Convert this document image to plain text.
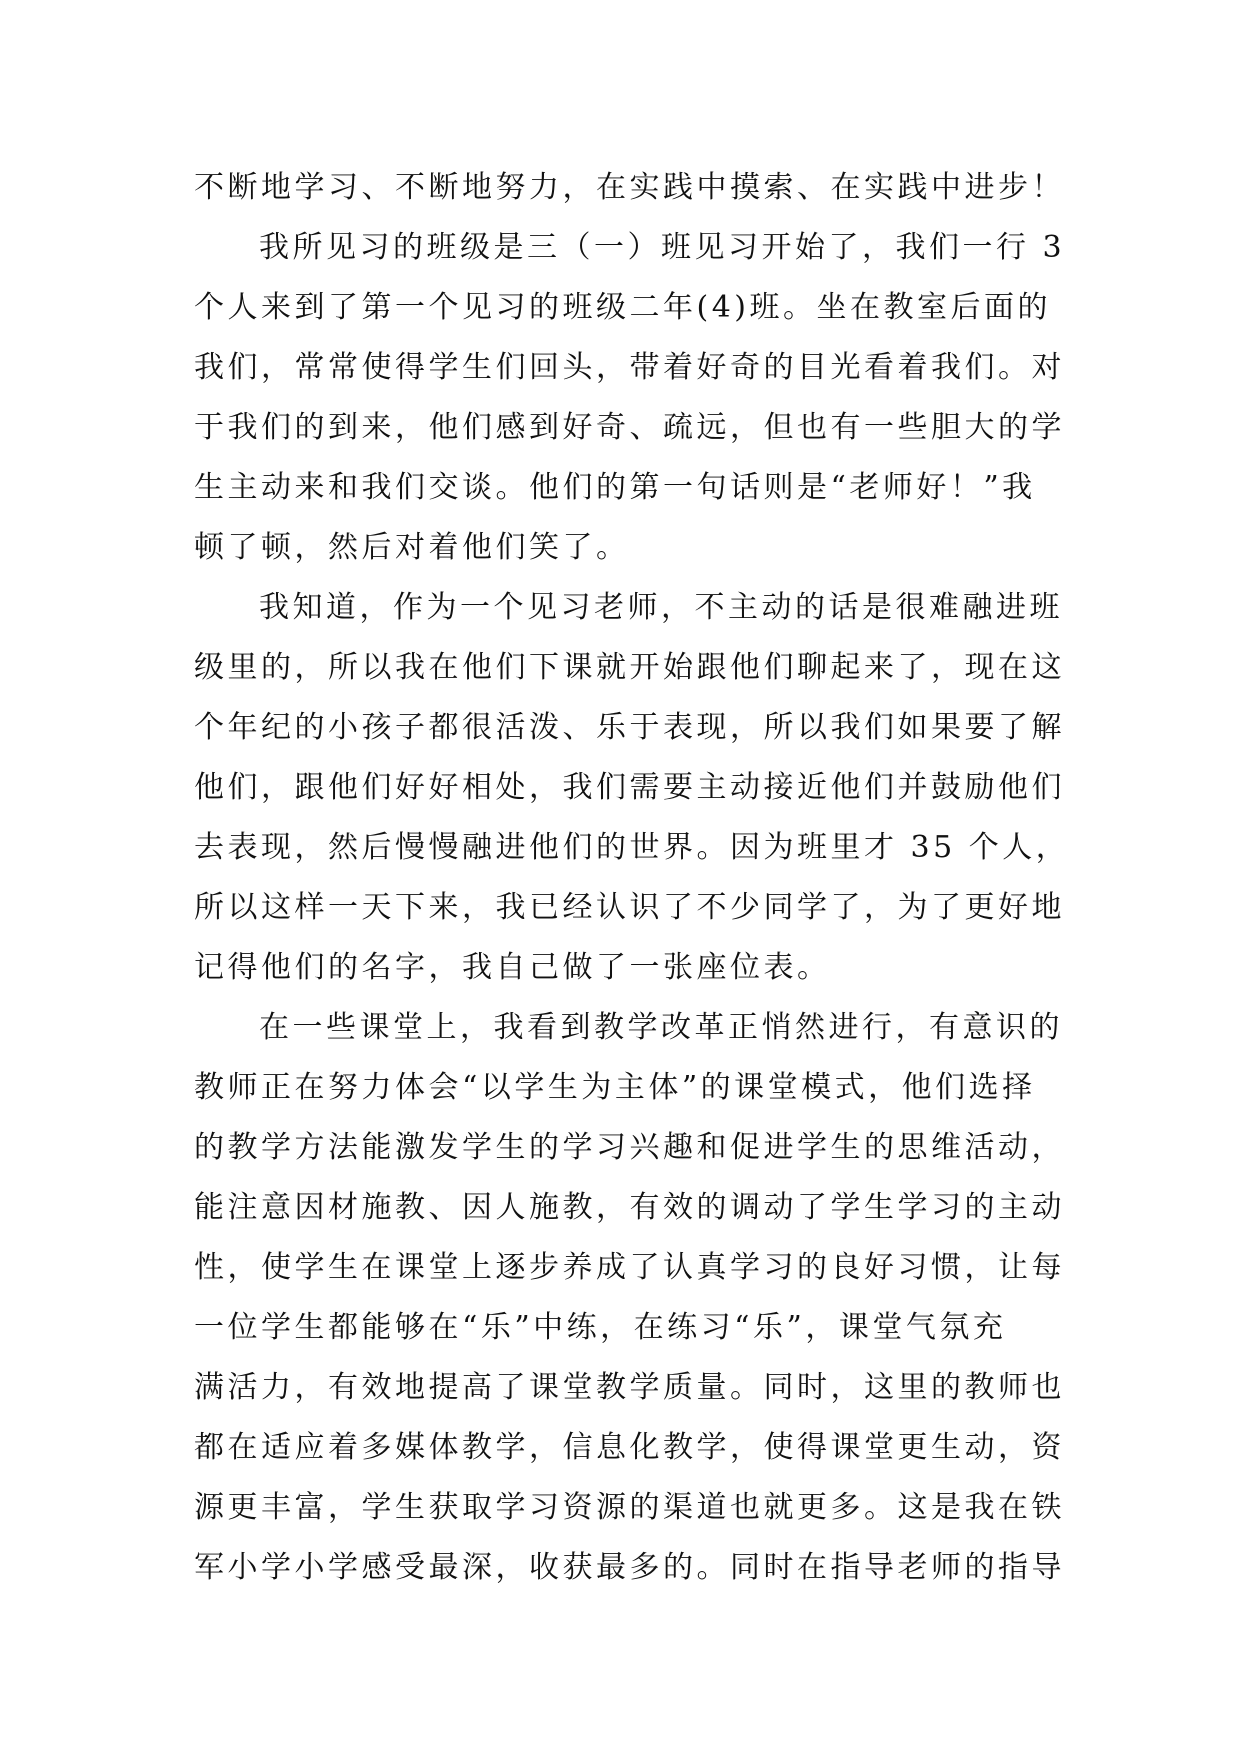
不断地学习、不断地努力，在实践中摸索、在实践中进步！

我所见习的班级是三（一）班见习开始了，我们一行 3

个人来到了第一个见习的班级二年(4)班。坐在教室后面的

我们，常常使得学生们回头，带着好奇的目光看着我们。对

于我们的到来，他们感到好奇、疏远，但也有一些胆大的学

生主动来和我们交谈。他们的第一句话则是“老师好！”我

顿了顿，然后对着他们笑了。

我知道，作为一个见习老师，不主动的话是很难融进班

级里的，所以我在他们下课就开始跟他们聊起来了，现在这

个年纪的小孩子都很活泼、乐于表现，所以我们如果要了解

他们，跟他们好好相处，我们需要主动接近他们并鼓励他们

去表现，然后慢慢融进他们的世界。因为班里才 35 个人，

所以这样一天下来，我已经认识了不少同学了，为了更好地

记得他们的名字，我自己做了一张座位表。

在一些课堂上，我看到教学改革正悄然进行，有意识的

教师正在努力体会“以学生为主体”的课堂模式，他们选择

的教学方法能激发学生的学习兴趣和促进学生的思维活动，

能注意因材施教、因人施教，有效的调动了学生学习的主动

性，使学生在课堂上逐步养成了认真学习的良好习惯，让每

一位学生都能够在“乐”中练，在练习“乐”，课堂气氛充

满活力，有效地提高了课堂教学质量。同时，这里的教师也

都在适应着多媒体教学，信息化教学，使得课堂更生动，资

源更丰富，学生获取学习资源的渠道也就更多。这是我在铁

军小学小学感受最深，收获最多的。同时在指导老师的指导
